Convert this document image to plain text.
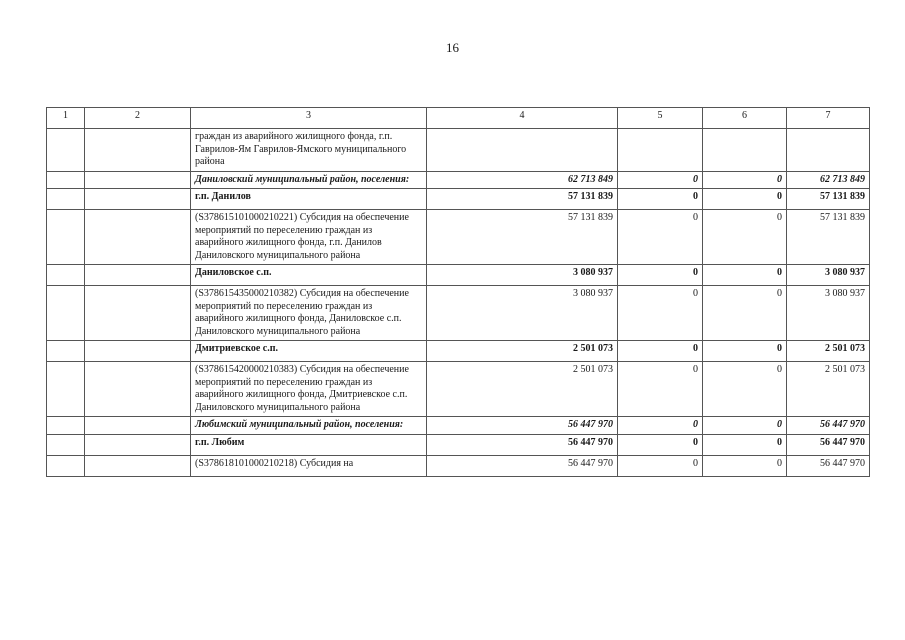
16
1	2	3	4	5	6	7
		граждан из аварийного жилищного фонда, г.п. Гаврилов-Ям Гаврилов-Ямского муниципального района				
		Даниловский муниципальный район, поселения:	62 713 849	0	0	62 713 849
		г.п. Данилов	57 131 839	0	0	57 131 839
		(S378615101000210221) Субсидия на обеспечение мероприятий по переселению граждан из аварийного жилищного фонда, г.п. Данилов Даниловского муниципального района	57 131 839	0	0	57 131 839
		Даниловское с.п.	3 080 937	0	0	3 080 937
		(S378615435000210382) Субсидия на обеспечение мероприятий по переселению граждан из аварийного жилищного фонда, Даниловское с.п. Даниловского муниципального района	3 080 937	0	0	3 080 937
		Дмитриевское с.п.	2 501 073	0	0	2 501 073
		(S378615420000210383) Субсидия на обеспечение мероприятий по переселению граждан из аварийного жилищного фонда, Дмитриевское с.п. Даниловского муниципального района	2 501 073	0	0	2 501 073
		Любимский муниципальный район, поселения:	56 447 970	0	0	56 447 970
		г.п. Любим	56 447 970	0	0	56 447 970
		(S378618101000210218) Субсидия на	56 447 970	0	0	56 447 970
